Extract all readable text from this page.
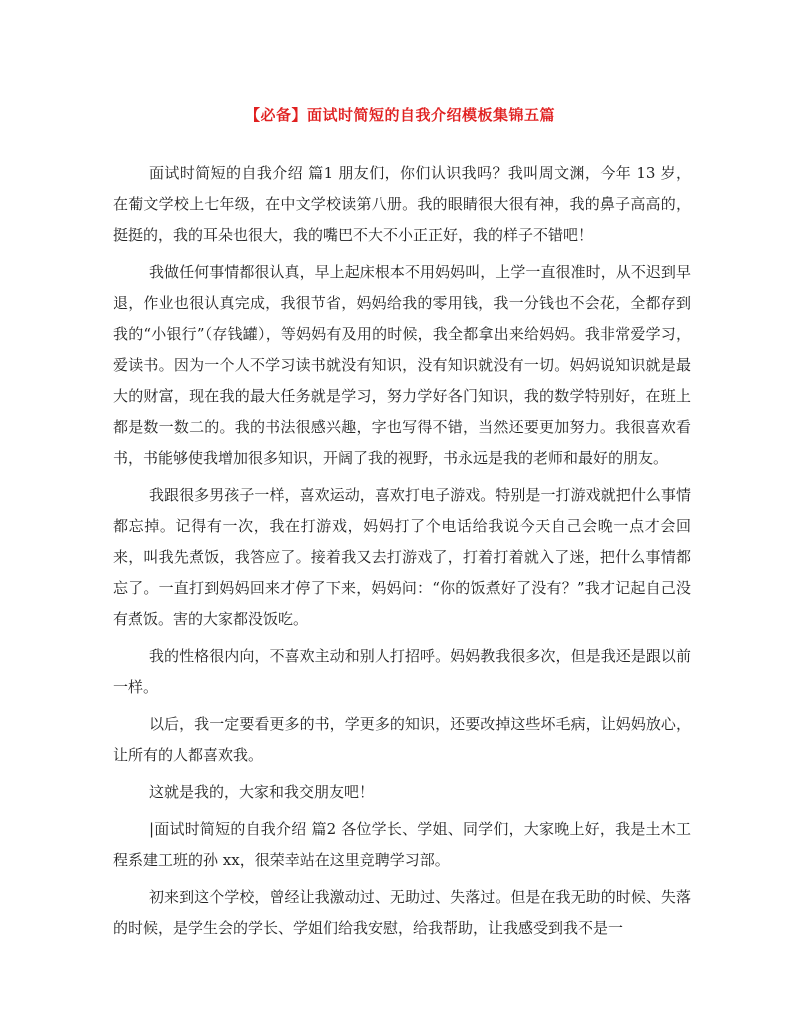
【必备】面试时简短的自我介绍模板集锦五篇

面试时简短的自我介绍 篇1 朋友们，你们认识我吗？我叫周文渊，今年 13 岁，在葡文学校上七年级，在中文学校读第八册。我的眼睛很大很有神，我的鼻子高高的，挺挺的，我的耳朵也很大，我的嘴巴不大不小正正好，我的样子不错吧！

我做任何事情都很认真，早上起床根本不用妈妈叫，上学一直很准时，从不迟到早退，作业也很认真完成，我很节省，妈妈给我的零用钱，我一分钱也不会花，全都存到我的“小银行”（存钱罐），等妈妈有及用的时候，我全都拿出来给妈妈。我非常爱学习，爱读书。因为一个人不学习读书就没有知识，没有知识就没有一切。妈妈说知识就是最大的财富，现在我的最大任务就是学习，努力学好各门知识，我的数学特别好，在班上都是数一数二的。我的书法很感兴趣，字也写得不错，当然还要更加努力。我很喜欢看书，书能够使我增加很多知识，开阔了我的视野，书永远是我的老师和最好的朋友。

我跟很多男孩子一样，喜欢运动，喜欢打电子游戏。特别是一打游戏就把什么事情都忘掉。记得有一次，我在打游戏，妈妈打了个电话给我说今天自己会晚一点才会回来，叫我先煮饭，我答应了。接着我又去打游戏了，打着打着就入了迷，把什么事情都忘了。一直打到妈妈回来才停了下来，妈妈问：“你的饭煮好了没有？”我才记起自己没有煮饭。害的大家都没饭吃。

我的性格很内向，不喜欢主动和别人打招呼。妈妈教我很多次，但是我还是跟以前一样。

以后，我一定要看更多的书，学更多的知识，还要改掉这些坏毛病，让妈妈放心，让所有的人都喜欢我。

这就是我的，大家和我交朋友吧！

|面试时简短的自我介绍 篇2 各位学长、学姐、同学们，大家晚上好，我是土木工程系建工班的孙 xx，很荣幸站在这里竞聘学习部。

初来到这个学校，曾经让我激动过、无助过、失落过。但是在我无助的时候、失落的时候，是学生会的学长、学姐们给我安慰，给我帮助，让我感受到我不是一
